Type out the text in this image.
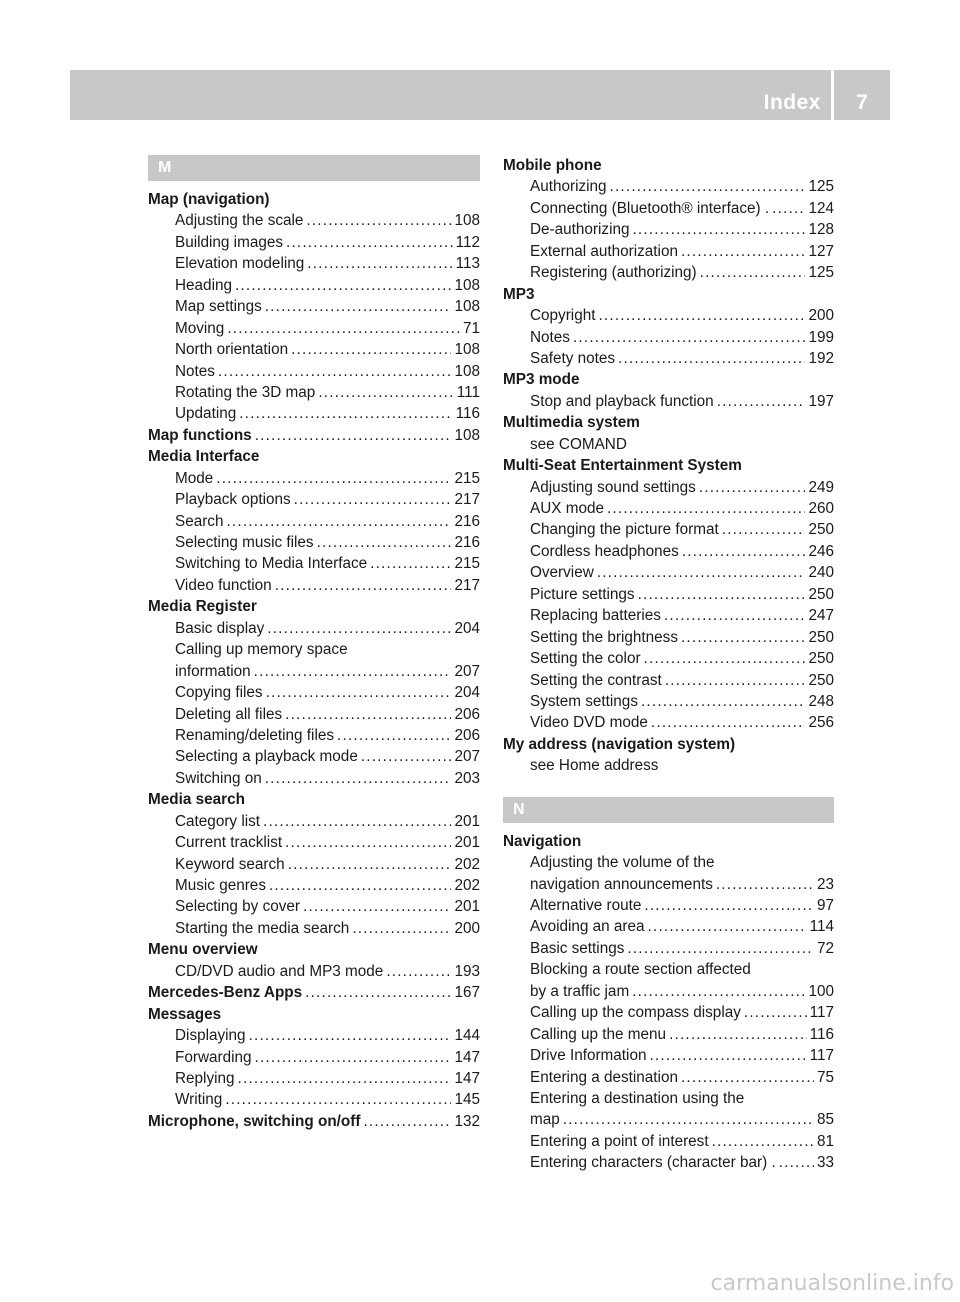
Index	7
M
Map (navigation)
Adjusting the scale .....	108
Building images .....	112
Elevation modeling .....	113
Heading .....	108
Map settings .....	108
Moving .....	71
North orientation .....	108
Notes .....	108
Rotating the 3D map .....	111
Updating .....	116
Map functions .....	108
Media Interface
Mode .....	215
Playback options .....	217
Search .....	216
Selecting music files .....	216
Switching to Media Interface .....	215
Video function .....	217
Media Register
Basic display .....	204
Calling up memory space
information .....	207
Copying files .....	204
Deleting all files .....	206
Renaming/deleting files .....	206
Selecting a playback mode .....	207
Switching on .....	203
Media search
Category list .....	201
Current tracklist .....	201
Keyword search .....	202
Music genres .....	202
Selecting by cover .....	201
Starting the media search .....	200
Menu overview
CD/DVD audio and MP3 mode .....	193
Mercedes-Benz Apps .....	167
Messages
Displaying .....	144
Forwarding .....	147
Replying .....	147
Writing .....	145
Microphone, switching on/off .....	132
Mobile phone
Authorizing .....	125
Connecting (Bluetooth® interface) . .....	124
De-authorizing .....	128
External authorization .....	127
Registering (authorizing) .....	125
MP3
Copyright .....	200
Notes .....	199
Safety notes .....	192
MP3 mode
Stop and playback function .....	197
Multimedia system
see COMAND
Multi-Seat Entertainment System
Adjusting sound settings .....	249
AUX mode .....	260
Changing the picture format .....	250
Cordless headphones .....	246
Overview .....	240
Picture settings .....	250
Replacing batteries .....	247
Setting the brightness .....	250
Setting the color .....	250
Setting the contrast .....	250
System settings .....	248
Video DVD mode .....	256
My address (navigation system)
see Home address
N
Navigation
Adjusting the volume of the
navigation announcements .....	23
Alternative route .....	97
Avoiding an area .....	114
Basic settings .....	72
Blocking a route section affected
by a traffic jam .....	100
Calling up the compass display .....	117
Calling up the menu .....	116
Drive Information .....	117
Entering a destination .....	75
Entering a destination using the
map .....	85
Entering a point of interest .....	81
Entering characters (character bar) . .....	33
carmanualsonline.info
